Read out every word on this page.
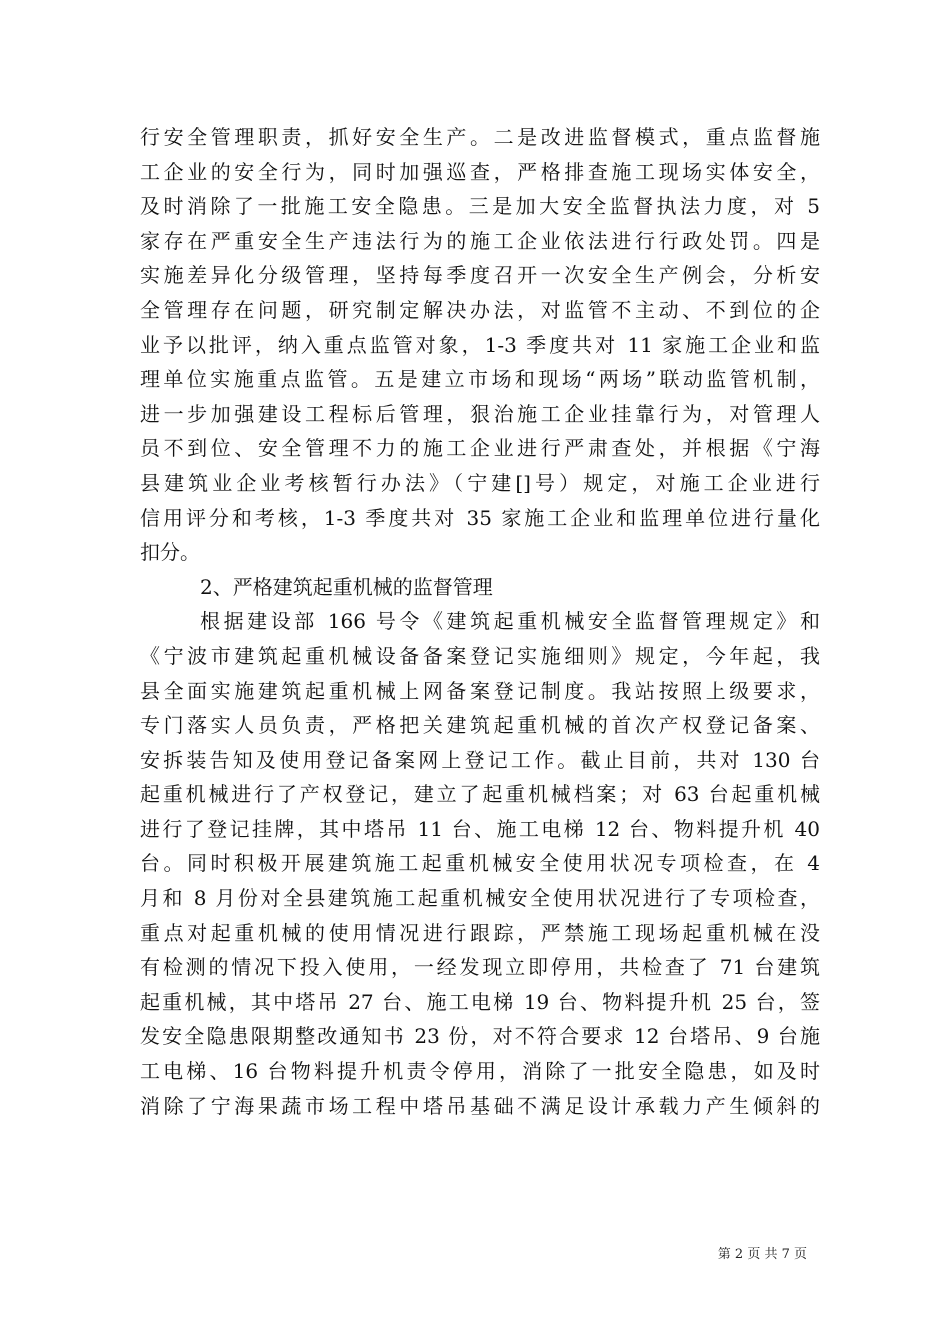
行安全管理职责，抓好安全生产。二是改进监督模式，重点监督施
工企业的安全行为，同时加强巡查，严格排查施工现场实体安全，
及时消除了一批施工安全隐患。三是加大安全监督执法力度，对 5
家存在严重安全生产违法行为的施工企业依法进行行政处罚。四是
实施差异化分级管理，坚持每季度召开一次安全生产例会，分析安
全管理存在问题，研究制定解决办法，对监管不主动、不到位的企
业予以批评，纳入重点监管对象，1-3 季度共对 11 家施工企业和监
理单位实施重点监管。五是建立市场和现场“两场”联动监管机制，
进一步加强建设工程标后管理，狠治施工企业挂靠行为，对管理人
员不到位、安全管理不力的施工企业进行严肃查处，并根据《宁海
县建筑业企业考核暂行办法》（宁建[]号）规定，对施工企业进行
信用评分和考核，1-3 季度共对 35 家施工企业和监理单位进行量化
扣分。
2、严格建筑起重机械的监督管理
根据建设部 166 号令《建筑起重机械安全监督管理规定》和
《宁波市建筑起重机械设备备案登记实施细则》规定，今年起，我
县全面实施建筑起重机械上网备案登记制度。我站按照上级要求，
专门落实人员负责，严格把关建筑起重机械的首次产权登记备案、
安拆装告知及使用登记备案网上登记工作。截止目前，共对 130 台
起重机械进行了产权登记，建立了起重机械档案；对 63 台起重机械
进行了登记挂牌，其中塔吊 11 台、施工电梯 12 台、物料提升机 40
台。同时积极开展建筑施工起重机械安全使用状况专项检查，在 4
月和 8 月份对全县建筑施工起重机械安全使用状况进行了专项检查，
重点对起重机械的使用情况进行跟踪，严禁施工现场起重机械在没
有检测的情况下投入使用，一经发现立即停用，共检查了 71 台建筑
起重机械，其中塔吊 27 台、施工电梯 19 台、物料提升机 25 台，签
发安全隐患限期整改通知书 23 份，对不符合要求 12 台塔吊、9 台施
工电梯、16 台物料提升机责令停用，消除了一批安全隐患，如及时
消除了宁海果蔬市场工程中塔吊基础不满足设计承载力产生倾斜的
第 2 页 共 7 页
